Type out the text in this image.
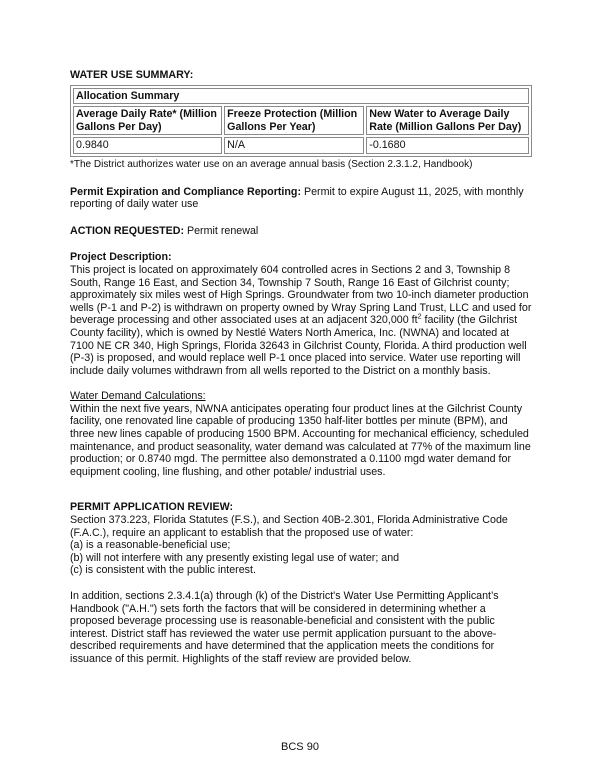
WATER USE SUMMARY:
Allocation Summary		
Average Daily Rate* (Million Gallons Per Day)	Freeze Protection (Million Gallons Per Year)	New Water to Average Daily Rate (Million Gallons Per Day)
0.9840	N/A	-0.1680
*The District authorizes water use on an average annual basis (Section 2.3.1.2, Handbook)

Permit Expiration and Compliance Reporting: Permit to expire August 11, 2025, with monthly reporting of daily water use

ACTION REQUESTED: Permit renewal

Project Description:

This project is located on approximately 604 controlled acres in Sections 2 and 3, Township 8 South, Range 16 East, and Section 34, Township 7 South, Range 16 East of Gilchrist county; approximately six miles west of High Springs. Groundwater from two 10-inch diameter production wells (P-1 and P-2) is withdrawn on property owned by Wray Spring Land Trust, LLC and used for beverage processing and other associated uses at an adjacent 320,000 $ft^2$ facility (the Gilchrist County facility), which is owned by Nestlé Waters North America, Inc. (NWNA) and located at 7100 NE CR 340, High Springs, Florida 32643 in Gilchrist County, Florida. A third production well (P-3) is proposed, and would replace well P-1 once placed into service. Water use reporting will include daily volumes withdrawn from all wells reported to the District on a monthly basis.

Water Demand Calculations:

Within the next five years, NWNA anticipates operating four product lines at the Gilchrist County facility, one renovated line capable of producing 1350 half-liter bottles per minute (BPM), and three new lines capable of producing 1500 BPM. Accounting for mechanical efficiency, scheduled maintenance, and product seasonality, water demand was calculated at 77% of the maximum line production; or 0.8740 mgd. The permittee also demonstrated a 0.1100 mgd water demand for equipment cooling, line flushing, and other potable/ industrial uses.

PERMIT APPLICATION REVIEW:

Section 373.223, Florida Statutes (F.S.), and Section 40B-2.301, Florida Administrative Code (F.A.C.), require an applicant to establish that the proposed use of water:

(a) is a reasonable-beneficial use;
(b) will not interfere with any presently existing legal use of water; and
(c) is consistent with the public interest.

In addition, sections 2.3.4.1(a) through (k) of the District's Water Use Permitting Applicant’s Handbook ("A.H.") sets forth the factors that will be considered in determining whether a proposed beverage processing use is reasonable-beneficial and consistent with the public interest. District staff has reviewed the water use permit application pursuant to the above-described requirements and have determined that the application meets the conditions for issuance of this permit. Highlights of the staff review are provided below.

BCS 90
